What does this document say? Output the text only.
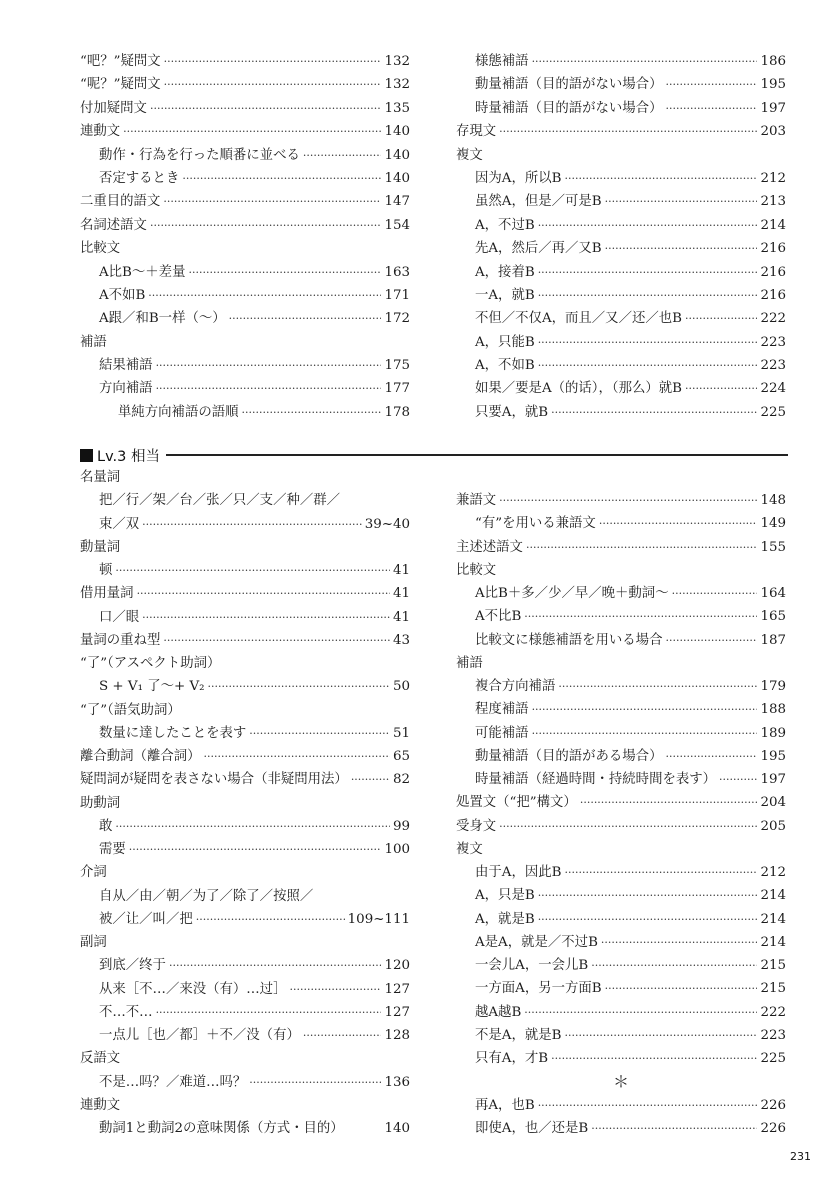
“吧？”疑問文 ·····	132
“呢？”疑問文 ·····	132
付加疑問文 ·····	135
連動文 ·····	140
動作・行為を行った順番に並べる ·····	140
否定するとき ·····	140
二重目的語文 ·····	147
名詞述語文 ·····	154
比較文
A比B～＋差量 ·····	163
A不如B ·····	171
A跟／和B一样（～） ·····	172
補語
結果補語 ·····	175
方向補語 ·····	177
単純方向補語の語順 ·····	178
様態補語 ·····	186
動量補語（目的語がない場合） ·····	195
時量補語（目的語がない場合） ·····	197
存現文 ·····	203
複文
因为A，所以B ·····	212
虽然A，但是／可是B ·····	213
A，不过B ·····	214
先A，然后／再／又B ·····	216
A，接着B ·····	216
一A，就B ·····	216
不但／不仅A，而且／又／还／也B ·····	222
A，只能B ·····	223
A，不如B ·····	223
如果／要是A（的话），（那么）就B ·····	224
只要A，就B ·····	225
Lv.3 相当
名量詞
把／行／架／台／张／只／支／种／群／
束／双 ·····	39~40
動量詞
顿 ·····	41
借用量詞 ·····	41
口／眼 ·····	41
量詞の重ね型 ·····	43
“了”（アスペクト助詞）
S + V₁ 了～+ V₂ ·····	50
“了”（語気助詞）
数量に達したことを表す ·····	51
離合動詞（離合詞） ·····	65
疑問詞が疑問を表さない場合（非疑問用法） ·····	82
助動詞
敢 ·····	99
需要 ·····	100
介詞
自从／由／朝／为了／除了／按照／
被／让／叫／把 ·····	109~111
副詞
到底／终于 ·····	120
从来［不…／来没（有）…过］ ·····	127
不…不… ·····	127
一点儿［也／都］＋不／没（有） ·····	128
反語文
不是…吗？／难道…吗？ ·····	136
連動文
動詞1と動詞2の意味関係（方式・目的）	140
兼語文 ·····	148
“有”を用いる兼語文 ·····	149
主述述語文 ·····	155
比較文
A比B＋多／少／早／晚＋動詞～ ·····	164
A不比B ·····	165
比較文に様態補語を用いる場合 ·····	187
補語
複合方向補語 ·····	179
程度補語 ·····	188
可能補語 ·····	189
動量補語（目的語がある場合） ·····	195
時量補語（経過時間・持続時間を表す） ·····	197
処置文（“把”構文） ·····	204
受身文 ·····	205
複文
由于A，因此B ·····	212
A，只是B ·····	214
A，就是B ·····	214
A是A，就是／不过B ·····	214
一会儿A，一会儿B ·····	215
一方面A，另一方面B ·····	215
越A越B ·····	222
不是A，就是B ·····	223
只有A，才B ·····	225
＊
再A，也B ·····	226
即使A，也／还是B ·····	226
231
